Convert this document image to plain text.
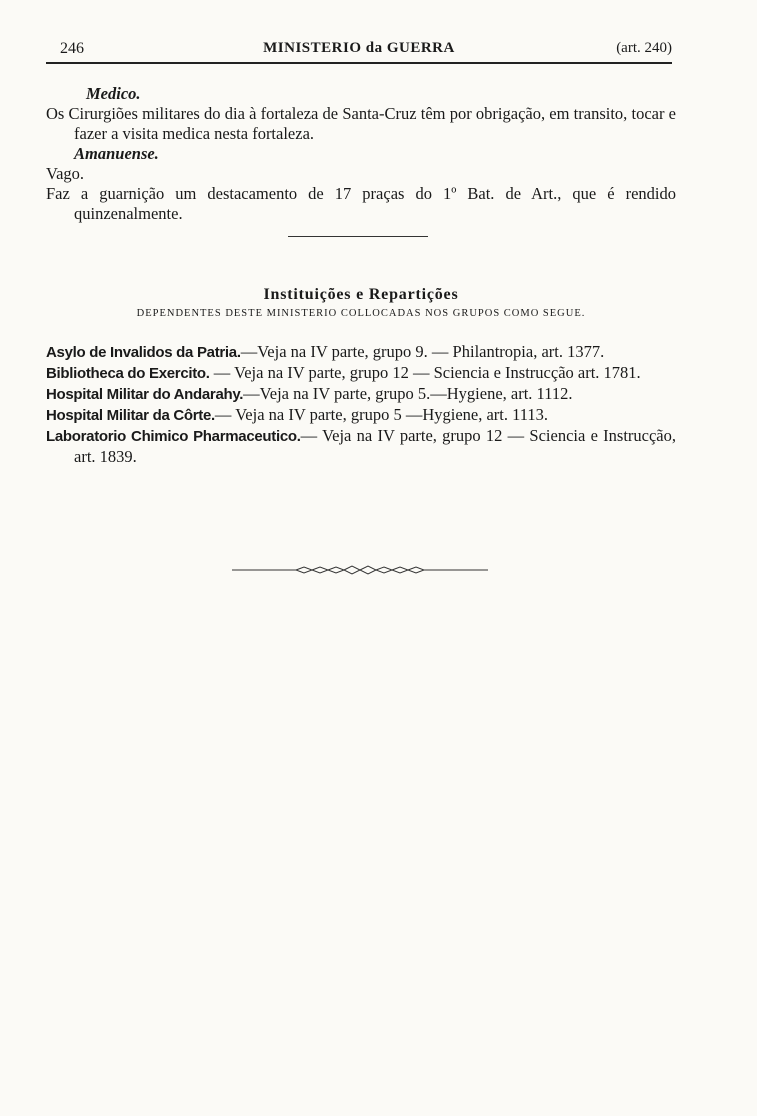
246	MINISTERIO da GUERRA	(art. 240)
Medico.
Os Cirurgiões militares do dia à fortaleza de Santa-Cruz têm por obrigação, em transito, tocar e fazer a visita medica nesta fortaleza.
Amanuense.
Vago.
Faz a guarnição um destacamento de 17 praças do 1º Bat. de Art., que é rendido quinzenalmente.
Instituições e Repartições
DEPENDENTES DESTE MINISTERIO COLLOCADAS NOS GRUPOS COMO SEGUE.
Asylo de Invalidos da Patria.—Veja na IV parte, grupo 9. — Philantropia, art. 1377.
Bibliotheca do Exercito. — Veja na IV parte, grupo 12 — Sciencia e Instrucção art. 1781.
Hospital Militar do Andarahy.—Veja na IV parte, grupo 5.—Hygiene, art. 1112.
Hospital Militar da Côrte.— Veja na IV parte, grupo 5 —Hygiene, art. 1113.
Laboratorio Chimico Pharmaceutico.— Veja na IV parte, grupo 12 — Sciencia e Instrucção, art. 1839.
